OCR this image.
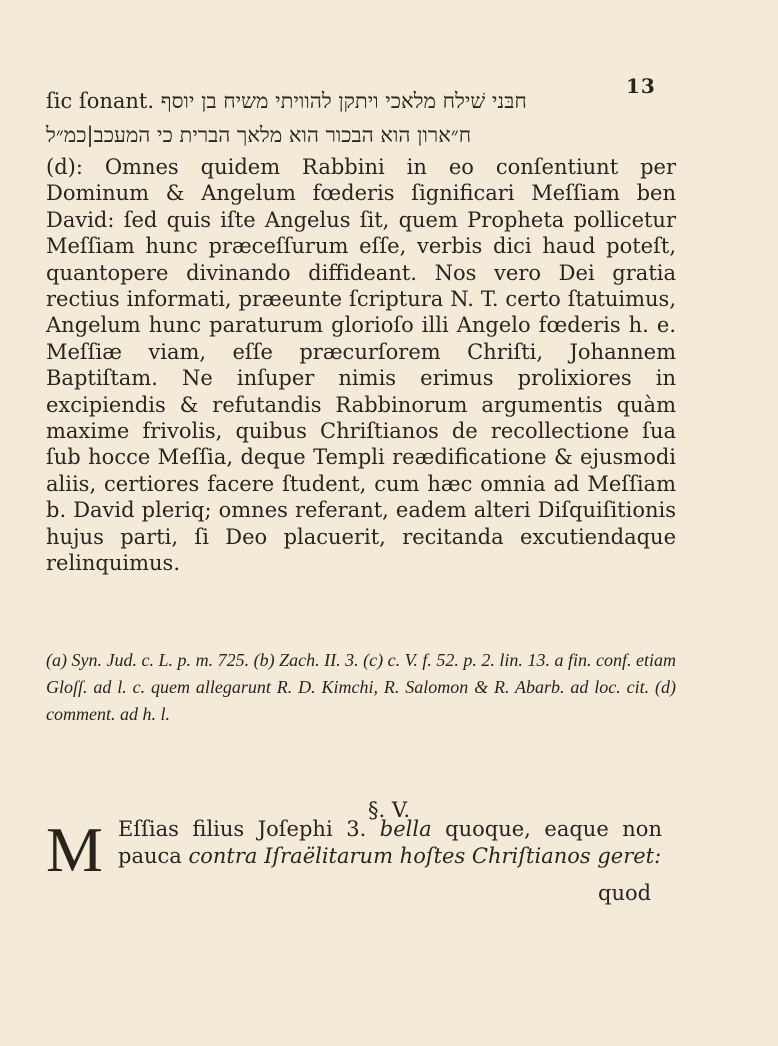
13
ſic ſonant. חבּני שׁילח מלאכי ויתקן להוויתי משיח בן יוסף
ח״ארון הוא הבכור הוא מלאך הברית כי המעכב|כמ״ל
(d): Omnes quidem Rabbini in eo conſentiunt per Dominum & Angelum fœderis ſignificari Meſſiam ben David: ſed quis iſte Angelus ſit, quem Propheta pollicetur Meſſiam hunc præceſſurum eſſe, verbis dici haud poteſt, quantopere divinando diffidеant. Nos vero Dei gratia rectius informati, præeunte ſcriptura N. T. certo ſtatuimus, Angelum hunc paraturum glorioſo illi Angelo fœderis h. e. Meſſiæ viam, eſſe præcurſorem Chriſti, Johannem Baptiſtam. Ne inſuper nimis erimus prolixiores in excipiendis & refutandis Rabbinorum argumentis quàm maxime frivolis, quibus Chriſtianos de recollectione ſua ſub hocce Meſſia, deque Templi reædificatione & ejusmodi aliis, certiores facere ſtudent, cum hæc omnia ad Meſſiam b. David pleriq; omnes referant, eadem alteri Diſquiſitionis hujus parti, ſi Deo placuerit, recitanda excutiendaque relinquimus.
(a) Syn. Jud. c. L. p. m. 725. (b) Zach. II. 3. (c) c. V. f. 52. p. 2. lin. 13. a fin. conf. etiam Gloſſ. ad l. c. quem allegarunt R. D. Kimchi, R. Salomon & R. Abarb. ad loc. cit. (d) comment. ad h. l.
§. V.
M Eſſias filius Joſephi 3. bella quoque, eaque non pauca contra Iſraëlitarum hoſtes Chriſtianos geret:
quod
